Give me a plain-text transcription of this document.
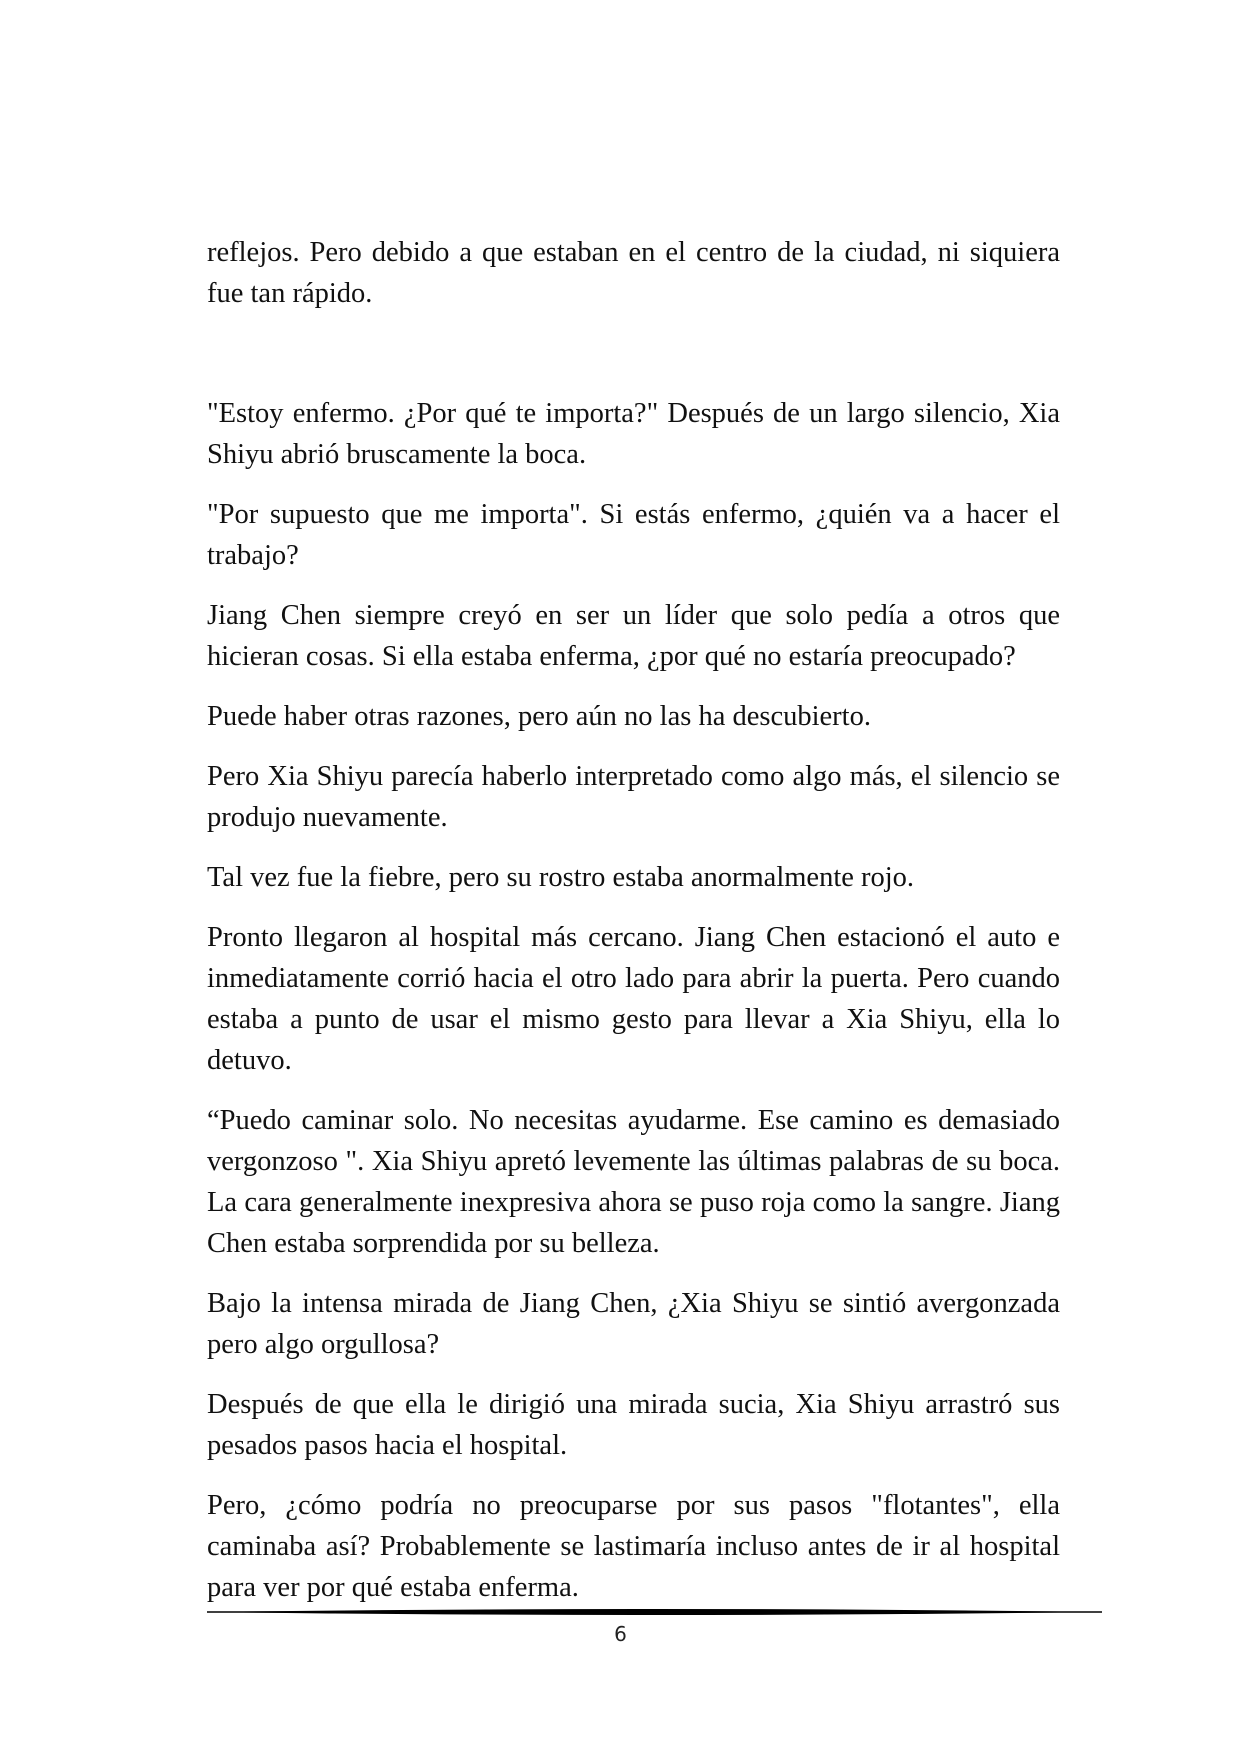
reflejos. Pero debido a que estaban en el centro de la ciudad, ni siquiera fue tan rápido.

"Estoy enfermo. ¿Por qué te importa?" Después de un largo silencio, Xia Shiyu abrió bruscamente la boca.

"Por supuesto que me importa". Si estás enfermo, ¿quién va a hacer el trabajo?

Jiang Chen siempre creyó en ser un líder que solo pedía a otros que hicieran cosas. Si ella estaba enferma, ¿por qué no estaría preocupado?

Puede haber otras razones, pero aún no las ha descubierto.

Pero Xia Shiyu parecía haberlo interpretado como algo más, el silencio se produjo nuevamente.

Tal vez fue la fiebre, pero su rostro estaba anormalmente rojo.

Pronto llegaron al hospital más cercano. Jiang Chen estacionó el auto e inmediatamente corrió hacia el otro lado para abrir la puerta. Pero cuando estaba a punto de usar el mismo gesto para llevar a Xia Shiyu, ella lo detuvo.

“Puedo caminar solo. No necesitas ayudarme. Ese camino es demasiado vergonzoso ". Xia Shiyu apretó levemente las últimas palabras de su boca. La cara generalmente inexpresiva ahora se puso roja como la sangre. Jiang Chen estaba sorprendida por su belleza.

Bajo la intensa mirada de Jiang Chen, ¿Xia Shiyu se sintió avergonzada pero algo orgullosa?

Después de que ella le dirigió una mirada sucia, Xia Shiyu arrastró sus pesados pasos hacia el hospital.

Pero, ¿cómo podría no preocuparse por sus pasos "flotantes", ella caminaba así? Probablemente se lastimaría incluso antes de ir al hospital para ver por qué estaba enferma.

6
